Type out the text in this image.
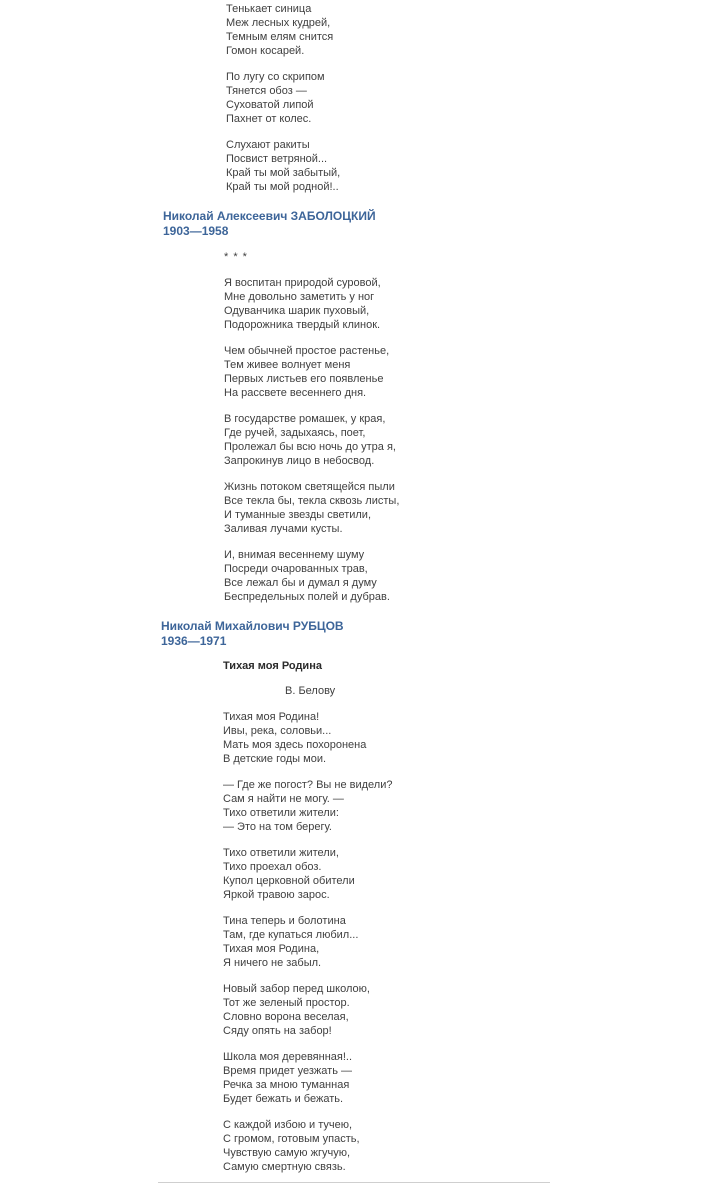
Тенькает синица
Меж лесных кудрей,
Темным елям снится
Гомон косарей.
По лугу со скрипом
Тянется обоз —
Суховатой липой
Пахнет от колес.
Слухают ракиты
Посвист ветряной...
Край ты мой забытый,
Край ты мой родной!..
Николай Алексеевич ЗАБОЛОЦКИЙ
1903—1958
* * *
Я воспитан природой суровой,
Мне довольно заметить у ног
Одуванчика шарик пуховый,
Подорожника твердый клинок.
Чем обычней простое растенье,
Тем живее волнует меня
Первых листьев его появленье
На рассвете весеннего дня.
В государстве ромашек, у края,
Где ручей, задыхаясь, поет,
Пролежал бы всю ночь до утра я,
Запрокинув лицо в небосвод.
Жизнь потоком светящейся пыли
Все текла бы, текла сквозь листы,
И туманные звезды светили,
Заливая лучами кусты.
И, внимая весеннему шуму
Посреди очарованных трав,
Все лежал бы и думал я думу
Беспредельных полей и дубрав.
Николай Михайлович РУБЦОВ
1936—1971
Тихая моя Родина
В. Белову
Тихая моя Родина!
Ивы, река, соловьи...
Мать моя здесь похоронена
В детские годы мои.
— Где же погост? Вы не видели?
Сам я найти не могу. —
Тихо ответили жители:
— Это на том берегу.
Тихо ответили жители,
Тихо проехал обоз.
Купол церковной обители
Яркой травою зарос.
Тина теперь и болотина
Там, где купаться любил...
Тихая моя Родина,
Я ничего не забыл.
Новый забор перед школою,
Тот же зеленый простор.
Словно ворона веселая,
Сяду опять на забор!
Школа моя деревянная!..
Время придет уезжать —
Речка за мною туманная
Будет бежать и бежать.
С каждой избою и тучею,
С громом, готовым упасть,
Чувствую самую жгучую,
Самую смертную связь.
